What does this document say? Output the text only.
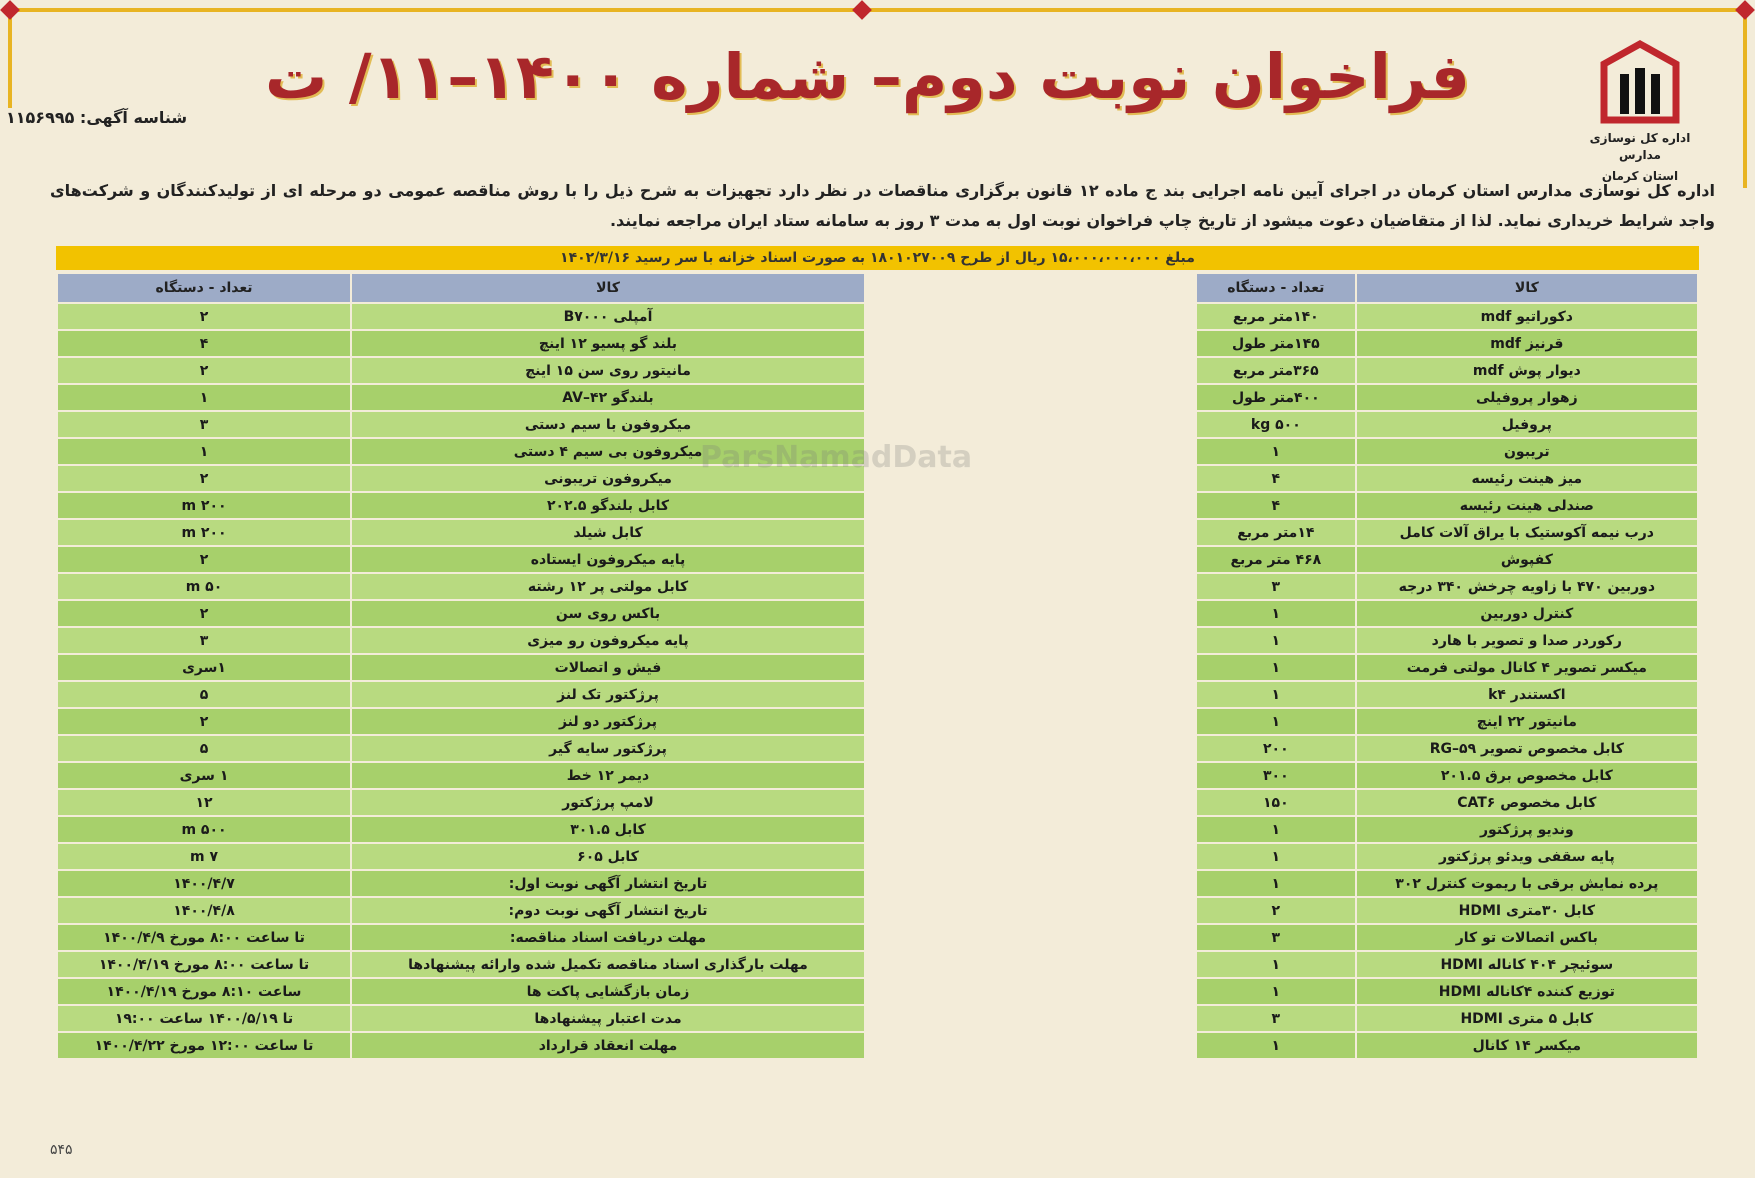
اداره کل نوسازی مدارس
استان کرمان
فراخوان نوبت دوم– شماره ۱۴۰۰–۱۱/ ت
شناسه آگهی: ۱۱۵۶۹۹۵
اداره کل نوسازی مدارس استان کرمان در اجرای آیین نامه اجرایی بند ج ماده ۱۲ قانون برگزاری مناقصات در نظر دارد تجهیزات به شرح ذیل را با روش مناقصه عمومی دو مرحله ای از تولیدکنندگان و شرکت‌های واجد شرایط خریداری نماید. لذا از متقاضیان دعوت میشود از تاریخ چاپ فراخوان نوبت اول به مدت ۳ روز به سامانه ستاد ایران مراجعه نمایند.
مبلغ ۱۵،۰۰۰،۰۰۰،۰۰۰ ریال از طرح ۱۸۰۱۰۲۷۰۰۹ به صورت اسناد خزانه با سر رسید ۱۴۰۲/۳/۱۶
کالا	تعداد - دستگاه
دکوراتیو mdf	۱۴۰متر مربع
قرنیز mdf	۱۴۵متر طول
دیوار پوش mdf	۳۶۵متر مربع
زهوار پروفیلی	۴۰۰متر طول
پروفیل	kg ۵۰۰
تریبون	۱
میز هینت رئیسه	۴
صندلی هینت رئیسه	۴
درب نیمه آکوستیک با یراق آلات کامل	۱۴متر مربع
کفپوش	۴۶۸ متر مربع
دوربین ۴۷۰ با زاویه چرخش ۳۴۰ درجه	۳
کنترل دوربین	۱
رکوردر صدا و تصویر با هارد	۱
میکسر تصویر ۴ کانال مولتی فرمت	۱
اکستندر k۴	۱
مانیتور ۲۲ اینچ	۱
کابل مخصوص تصویر RG–۵۹	۲۰۰
کابل مخصوص برق ۲۰۱.۵	۳۰۰
کابل مخصوص CAT۶	۱۵۰
وندیو پرژکتور	۱
پایه سقفی ویدئو پرژکتور	۱
پرده نمایش برقی با ریموت کنترل ۳۰۲	۱
کابل ۳۰متری HDMI	۲
باکس اتصالات تو کار	۳
سوئیچر ۴۰۴ کاناله HDMI	۱
توزیع کننده ۴کاناله HDMI	۱
کابل ۵ متری HDMI	۳
میکسر ۱۴ کانال	۱
کالا	تعداد - دستگاه
آمپلی B۷۰۰۰	۲
بلند گو پسیو ۱۲ اینچ	۴
مانیتور روی سن ۱۵ اینچ	۲
بلندگو ۴۲–AV	۱
میکروفون با سیم دستی	۳
میکروفون بی سیم ۴ دستی	۱
میکروفون تریبونی	۲
کابل بلندگو ۲۰۲.۵	m ۲۰۰
کابل شیلد	m ۲۰۰
پایه میکروفون ایستاده	۲
کابل مولتی پر ۱۲ رشته	m ۵۰
باکس روی سن	۲
پایه میکروفون رو میزی	۳
فیش و اتصالات	۱سری
پرژکتور تک لنز	۵
پرژکتور دو لنز	۲
پرژکتور سایه گیر	۵
دیمر ۱۲ خط	۱ سری
لامپ پرژکتور	۱۲
کابل ۳۰۱.۵	m ۵۰۰
کابل ۶۰۵	m ۷
تاریخ انتشار آگهی نوبت اول:	۱۴۰۰/۴/۷
تاریخ انتشار آگهی نوبت دوم:	۱۴۰۰/۴/۸
مهلت دریافت اسناد مناقصه:	تا ساعت ۸:۰۰ مورخ ۱۴۰۰/۴/۹
مهلت بارگذاری اسناد مناقصه تکمیل شده وارائه پیشنهادها	تا ساعت ۸:۰۰ مورخ ۱۴۰۰/۴/۱۹
زمان بازگشایی پاکت ها	ساعت ۸:۱۰ مورخ ۱۴۰۰/۴/۱۹
مدت اعتبار پیشنهادها	تا ۱۴۰۰/۵/۱۹ ساعت ۱۹:۰۰
مهلت انعقاد قرارداد	تا ساعت ۱۲:۰۰ مورخ ۱۴۰۰/۴/۲۲
ParsNamadData
۵۴۵
